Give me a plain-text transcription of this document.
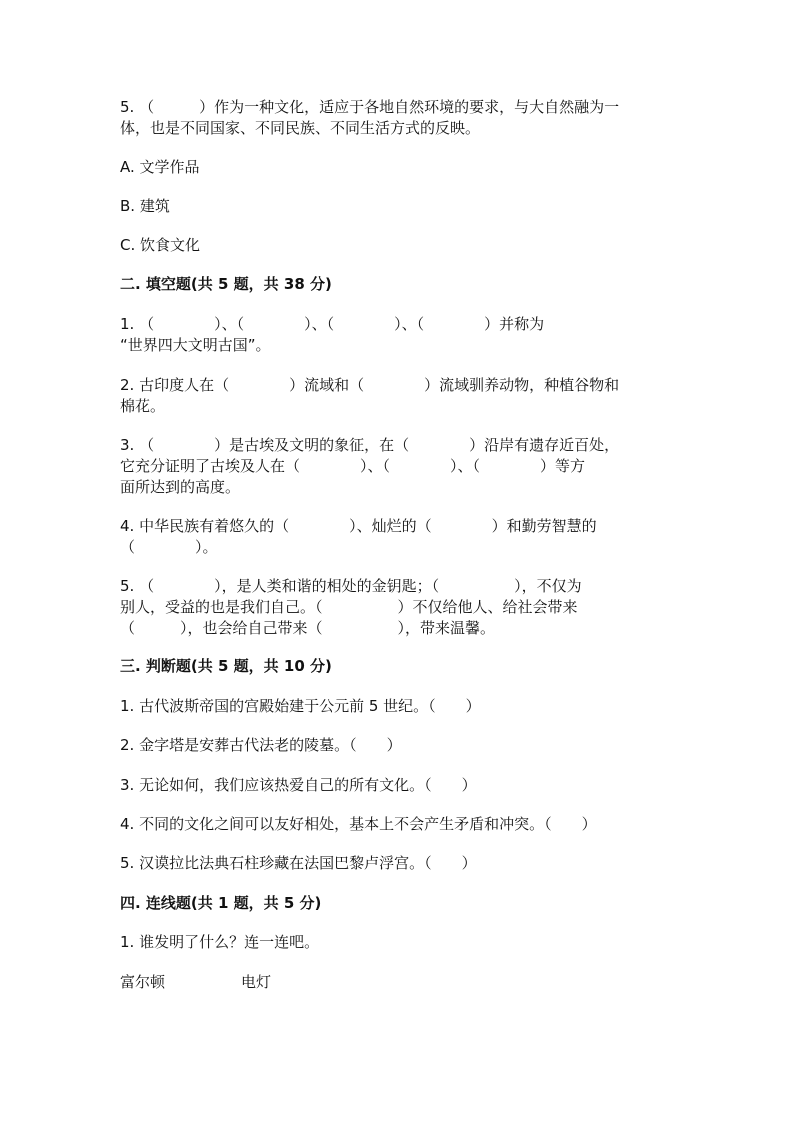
5. （　　　）作为一种文化，适应于各地自然环境的要求，与大自然融为一
体，也是不同国家、不同民族、不同生活方式的反映。
A. 文学作品
B. 建筑
C. 饮食文化
二. 填空题(共 5 题，共 38 分)
1. （　　　　）、（　　　　）、（　　　　）、（　　　　）并称为
“世界四大文明古国”。
2. 古印度人在（　　　　）流域和（　　　　）流域驯养动物，种植谷物和
棉花。
3. （　　　　）是古埃及文明的象征，在（　　　　）沿岸有遗存近百处，
它充分证明了古埃及人在（　　　　）、（　　　　）、（　　　　）等方
面所达到的高度。
4. 中华民族有着悠久的（　　　　）、灿烂的（　　　　）和勤劳智慧的
（　　　　）。
5. （　　　　），是人类和谐的相处的金钥匙；（　　　　　），不仅为
别人，受益的也是我们自己。（　　　　　）不仅给他人、给社会带来
（　　　），也会给自己带来（　　　　　），带来温馨。
三. 判断题(共 5 题，共 10 分)
1. 古代波斯帝国的宫殿始建于公元前 5 世纪。（　　）
2. 金字塔是安葬古代法老的陵墓。（　　）
3. 无论如何，我们应该热爱自己的所有文化。（　　）
4. 不同的文化之间可以友好相处，基本上不会产生矛盾和冲突。（　　）
5. 汉谟拉比法典石柱珍藏在法国巴黎卢浮宫。（　　）
四. 连线题(共 1 题，共 5 分)
1. 谁发明了什么？连一连吧。
富尔顿	电灯
